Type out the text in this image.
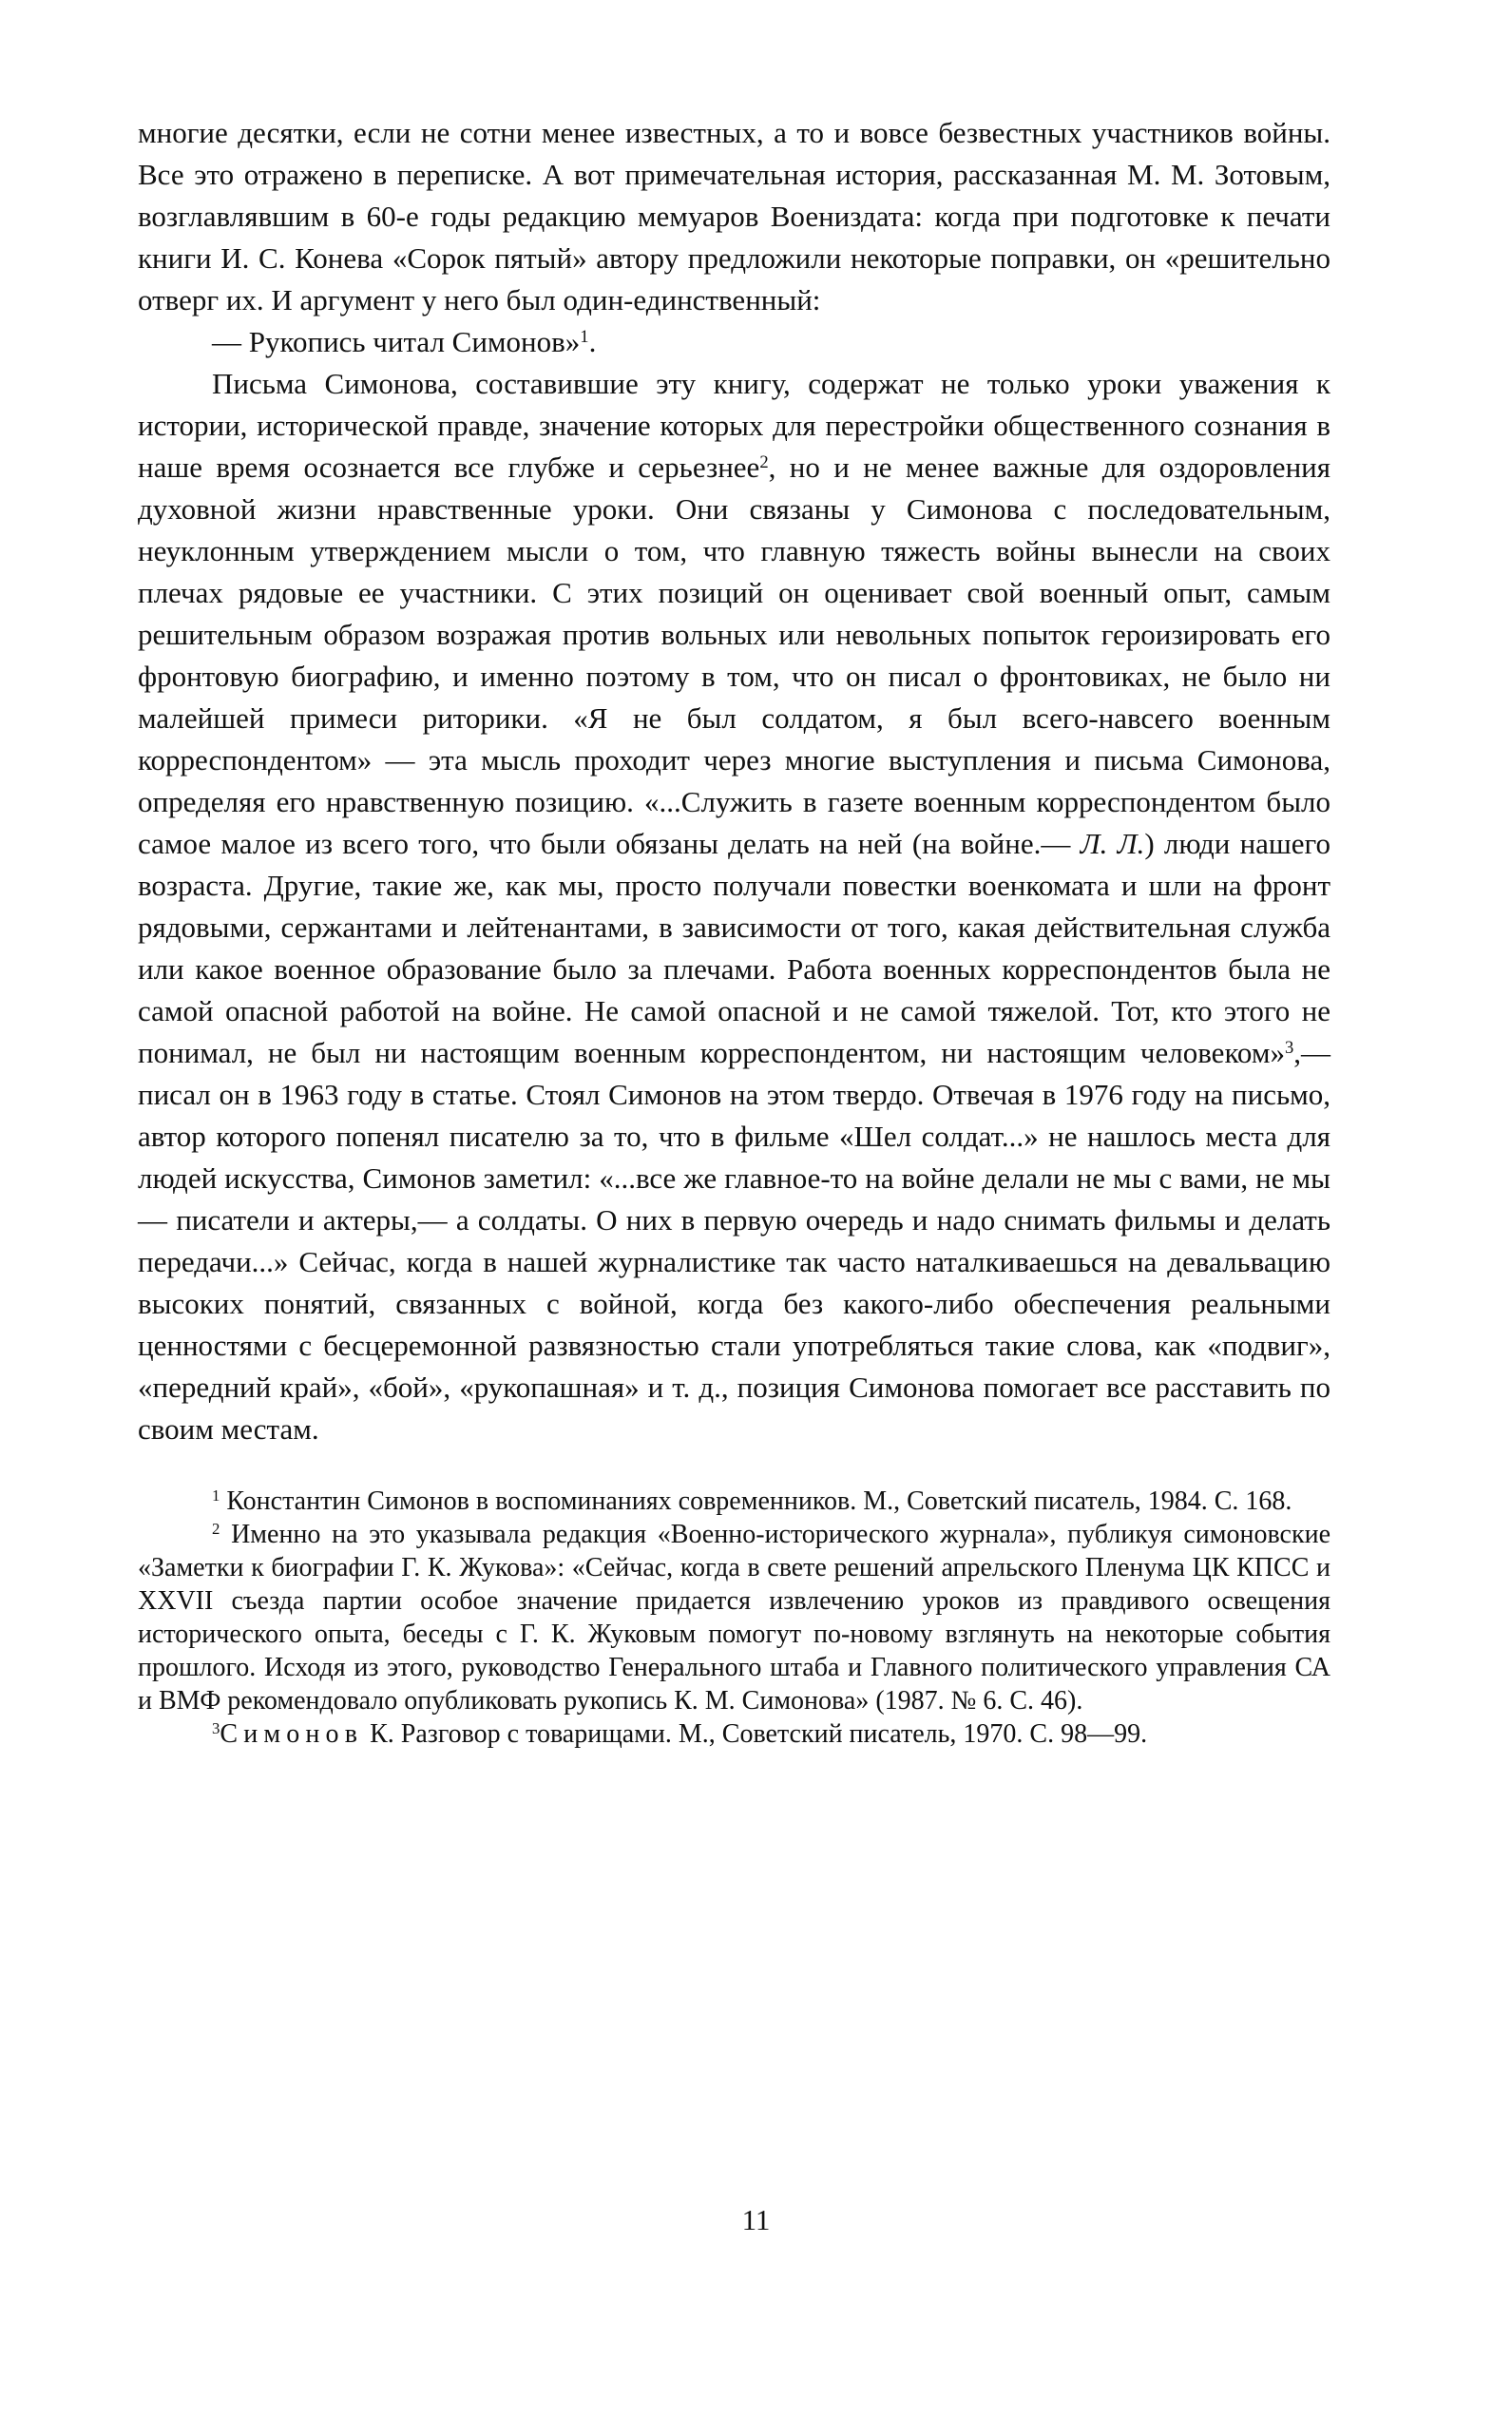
многие десятки, если не сотни менее известных, а то и вовсе безвестных участников войны. Все это отражено в переписке. А вот примечательная история, рассказанная М. М. Зотовым, возглавлявшим в 60-е годы редакцию мемуаров Воениздата: когда при подготовке к печати книги И. С. Конева «Сорок пятый» автору предложили некоторые поправки, он «решительно отверг их. И аргумент у него был один-единственный:

— Рукопись читал Симонов»$^1$.

Письма Симонова, составившие эту книгу, содержат не только уроки уважения к истории, исторической правде, значение которых для перестройки общественного сознания в наше время осознается все глубже и серьезнее$^2$, но и не менее важные для оздоровления духовной жизни нравственные уроки. Они связаны у Симонова с последовательным, неуклонным утверждением мысли о том, что главную тяжесть войны вынесли на своих плечах рядовые ее участники. С этих позиций он оценивает свой военный опыт, самым решительным образом возражая против вольных или невольных попыток героизировать его фронтовую биографию, и именно поэтому в том, что он писал о фронтовиках, не было ни малейшей примеси риторики. «Я не был солдатом, я был всего-навсего военным корреспондентом» — эта мысль проходит через многие выступления и письма Симонова, определяя его нравственную позицию. «...Служить в газете военным корреспондентом было самое малое из всего того, что были обязаны делать на ней (на войне.— Л. Л.) люди нашего возраста. Другие, такие же, как мы, просто получали повестки военкомата и шли на фронт рядовыми, сержантами и лейтенантами, в зависимости от того, какая действительная служба или какое военное образование было за плечами. Работа военных корреспондентов была не самой опасной работой на войне. Не самой опасной и не самой тяжелой. Тот, кто этого не понимал, не был ни настоящим военным корреспондентом, ни настоящим человеком»$^3$,— писал он в 1963 году в статье. Стоял Симонов на этом твердо. Отвечая в 1976 году на письмо, автор которого попенял писателю за то, что в фильме «Шел солдат...» не нашлось места для людей искусства, Симонов заметил: «...все же главное-то на войне делали не мы с вами, не мы — писатели и актеры,— а солдаты. О них в первую очередь и надо снимать фильмы и делать передачи...» Сейчас, когда в нашей журналистике так часто наталкиваешься на девальвацию высоких понятий, связанных с войной, когда без какого-либо обеспечения реальными ценностями с бесцеремонной развязностью стали употребляться такие слова, как «подвиг», «передний край», «бой», «рукопашная» и т. д., позиция Симонова помогает все расставить по своим местам.

$^1$ Константин Симонов в воспоминаниях современников. М., Советский писатель, 1984. С. 168.

$^2$ Именно на это указывала редакция «Военно-исторического журнала», публикуя симоновские «Заметки к биографии Г. К. Жукова»: «Сейчас, когда в свете решений апрельского Пленума ЦК КПСС и XXVII съезда партии особое значение придается извлечению уроков из правдивого освещения исторического опыта, беседы с Г. К. Жуковым помогут по-новому взглянуть на некоторые события прошлого. Исходя из этого, руководство Генерального штаба и Главного политического управления СА и ВМФ рекомендовало опубликовать рукопись К. М. Симонова» (1987. № 6. С. 46).

$^3$Симонов К. Разговор с товарищами. М., Советский писатель, 1970. С. 98—99.

11
